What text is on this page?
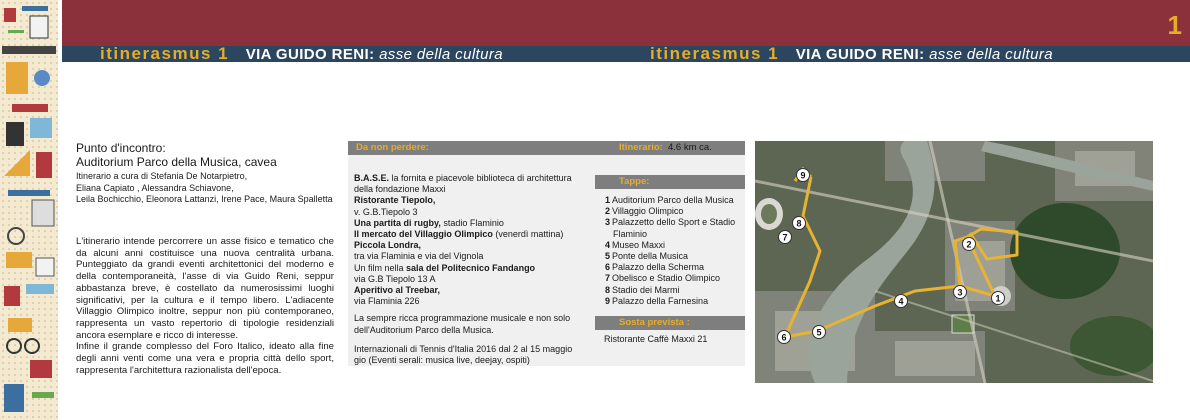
1
itinerasmus 1 VIA GUIDO RENI: asse della cultura	itinerasmus 1 VIA GUIDO RENI: asse della cultura
Punto d'incontro:
Auditorium Parco della Musica, cavea
Itinerario a cura di Stefania De Notarpietro,
Eliana Capiato , Alessandra Schiavone,
Leila Bochicchio, Eleonora Lattanzi, Irene Pace, Maura Spalletta
L'itinerario intende percorrere un asse fisico e tematico che da alcuni anni costituisce una nuova centralità urbana. Punteggiato da grandi eventi architettonici del moderno e della contemporaneità, l'asse di via Guido Reni, seppur abbastanza breve, è costellato da numerosissimi luoghi significativi, per la cultura e il tempo libero. L'adiacente Villaggio Olimpico inoltre, seppur non più contemporaneo, rappresenta un vasto repertorio di tipologie residenziali ancora esemplare e ricco di interesse.
Infine il grande complesso del Foro Italico, ideato alla fine degli anni venti come una vera e propria città dello sport, rappresenta l'architettura razionalista dell'epoca.
Da non perdere:	Itinerario: 4.6 km ca.
B.A.S.E. la fornita e piacevole biblioteca di architettura
della fondazione Maxxi
Ristorante Tiepolo,
v. G.B.Tiepolo 3
Una partita di rugby, stadio Flaminio
Il mercato del Villaggio Olimpico (venerdì mattina)
Piccola Londra,
tra via Flaminia e via del Vignola
Un film nella sala del Politecnico Fandango
via G.B Tiepolo 13 A
Aperitivo al Treebar,
via Flaminia 226
La sempre ricca programmazione musicale e non solo
dell'Auditorium Parco della Musica.
Internazionali di Tennis d'Italia 2016 dal 2 al 15 maggio
gio (Eventi serali: musica live, deejay, ospiti)
Tappe:
1 Auditorium Parco della Musica
2 Villaggio Olimpico
3 Palazzetto dello Sport e Stadio Flaminio
4 Museo Maxxi
5 Ponte della Musica
6 Palazzo della Scherma
7 Obelisco e Stadio Olimpico
8 Stadio dei Marmi
9 Palazzo della Farnesina
Sosta prevista :
Ristorante Caffè Maxxi 21
9
8
7
6	5
4
3
2
1
